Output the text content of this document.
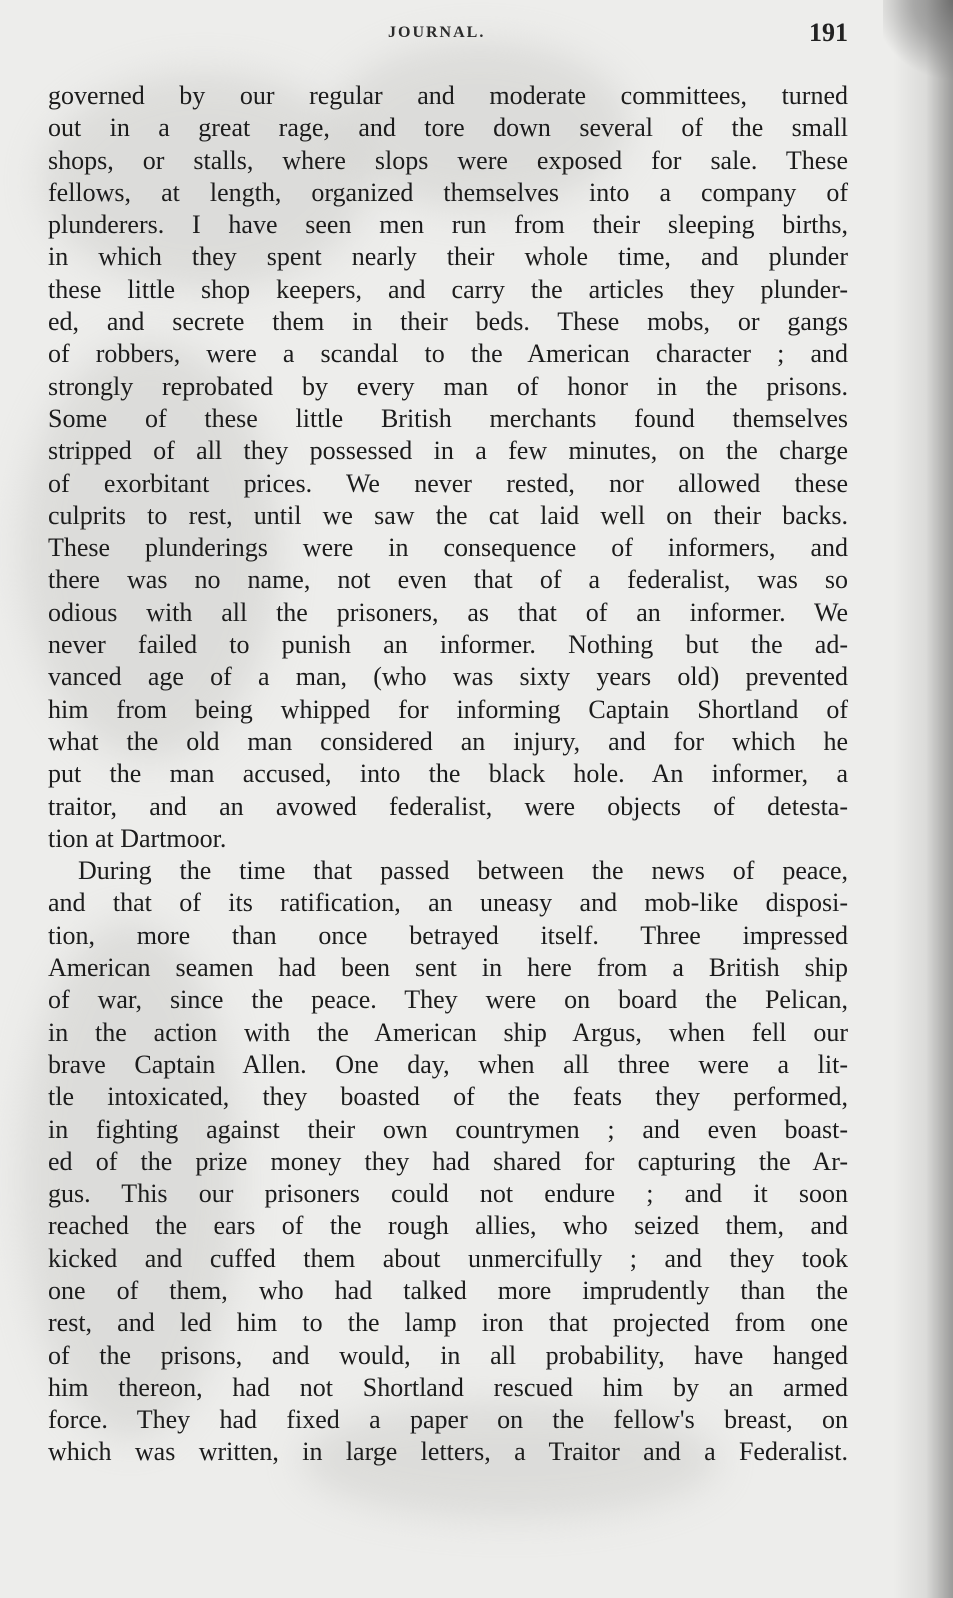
JOURNAL.	191
governed by our regular and moderate committees, turned
out in a great rage, and tore down several of the small
shops, or stalls, where slops were exposed for sale. These
fellows, at length, organized themselves into a company of
plunderers. I have seen men run from their sleeping births,
in which they spent nearly their whole time, and plunder
these little shop keepers, and carry the articles they plunder-
ed, and secrete them in their beds. These mobs, or gangs
of robbers, were a scandal to the American character ; and
strongly reprobated by every man of honor in the prisons.
Some of these little British merchants found themselves
stripped of all they possessed in a few minutes, on the charge
of exorbitant prices. We never rested, nor allowed these
culprits to rest, until we saw the cat laid well on their backs.
These plunderings were in consequence of informers, and
there was no name, not even that of a federalist, was so
odious with all the prisoners, as that of an informer. We
never failed to punish an informer. Nothing but the ad-
vanced age of a man, (who was sixty years old) prevented
him from being whipped for informing Captain Shortland of
what the old man considered an injury, and for which he
put the man accused, into the black hole. An informer, a
traitor, and an avowed federalist, were objects of detesta-
tion at Dartmoor.
During the time that passed between the news of peace,
and that of its ratification, an uneasy and mob-like disposi-
tion, more than once betrayed itself. Three impressed
American seamen had been sent in here from a British ship
of war, since the peace. They were on board the Pelican,
in the action with the American ship Argus, when fell our
brave Captain Allen. One day, when all three were a lit-
tle intoxicated, they boasted of the feats they performed,
in fighting against their own countrymen ; and even boast-
ed of the prize money they had shared for capturing the Ar-
gus. This our prisoners could not endure ; and it soon
reached the ears of the rough allies, who seized them, and
kicked and cuffed them about unmercifully ; and they took
one of them, who had talked more imprudently than the
rest, and led him to the lamp iron that projected from one
of the prisons, and would, in all probability, have hanged
him thereon, had not Shortland rescued him by an armed
force. They had fixed a paper on the fellow's breast, on
which was written, in large letters, a Traitor and a Federalist.
